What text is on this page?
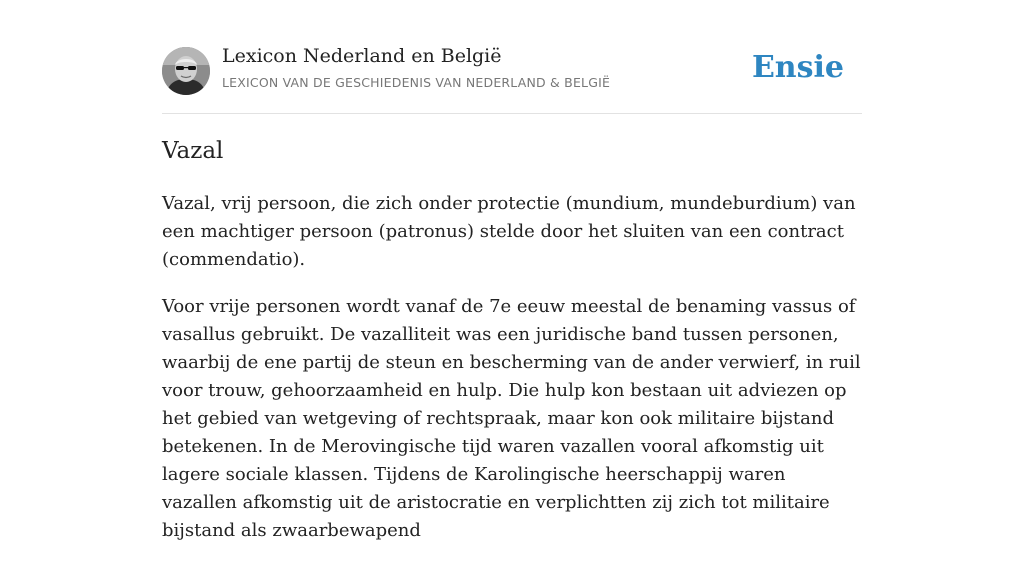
Lexicon Nederland en België
LEXICON VAN DE GESCHIEDENIS VAN NEDERLAND & BELGIË	Ensie
Vazal

Vazal, vrij persoon, die zich onder protectie (mundium, mundeburdium) van een machtiger persoon (patronus) stelde door het sluiten van een contract (commendatio).

Voor vrije personen wordt vanaf de 7e eeuw meestal de benaming vassus of vasallus gebruikt. De vazalliteit was een juridische band tussen personen, waarbij de ene partij de steun en bescherming van de ander verwierf, in ruil voor trouw, gehoorzaamheid en hulp. Die hulp kon bestaan uit adviezen op het gebied van wetgeving of rechtspraak, maar kon ook militaire bijstand betekenen. In de Merovingische tijd waren vazallen vooral afkomstig uit lagere sociale klassen. Tijdens de Karolingische heerschappij waren vazallen afkomstig uit de aristocratie en verplichtten zij zich tot militaire bijstand als zwaarbewapend
